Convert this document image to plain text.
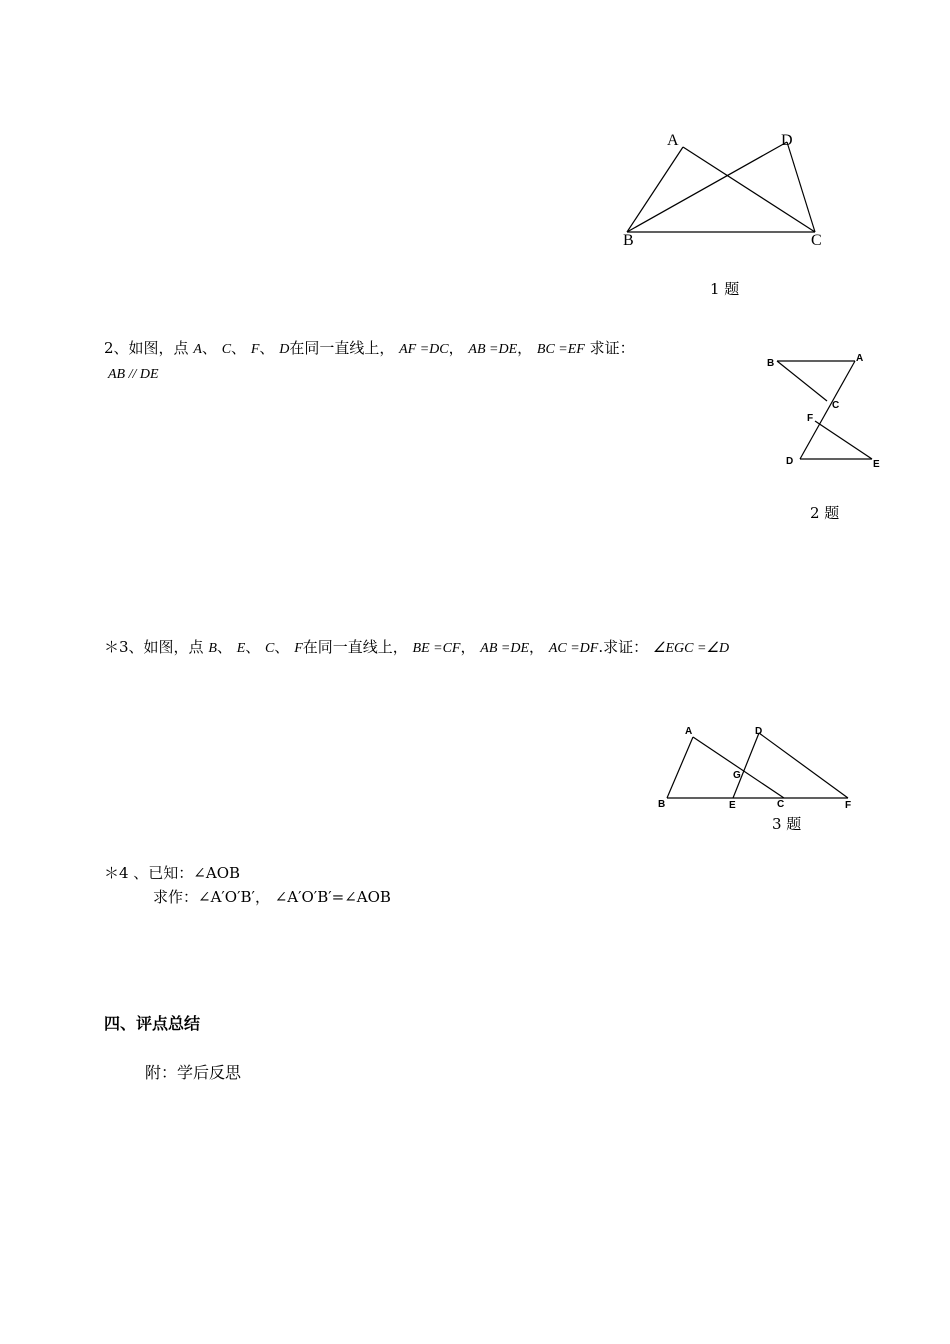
A	D
B	C
1 题
2、如图，点 A、 C、 F、 D在同一直线上， AF =DC， AB =DE， BC =EF 求证：
AB // DE
B	A
C
F
D	E
2 题
＊3、如图，点 B、 E、 C、 F在同一直线上， BE =CF， AB =DE， AC =DF.求证： ∠EGC =∠D
A	D
G
B	E	C	F
3 题
＊4 、已知：∠AOB
求作：∠A′O′B′， ∠A′O′B′=∠AOB
四、评点总结
附：学后反思
